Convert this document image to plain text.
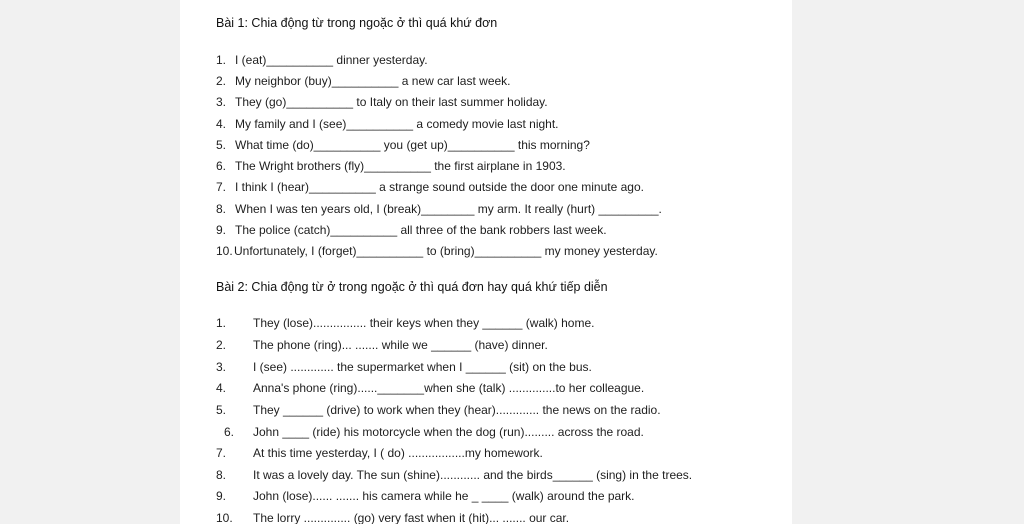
Bài 1: Chia động từ trong ngoặc ở thì quá khứ đơn
1. I (eat)__________ dinner yesterday.
2. My neighbor (buy)__________ a new car last week.
3. They (go)__________ to Italy on their last summer holiday.
4. My family and I (see)__________ a comedy movie last night.
5. What time (do)__________ you (get up)__________ this morning?
6. The Wright brothers (fly)__________ the first airplane in 1903.
7. I think I (hear)__________ a strange sound outside the door one minute ago.
8. When I was ten years old, I (break)________ my arm. It really (hurt) _________.
9. The police (catch)__________ all three of the bank robbers last week.
10. Unfortunately, I (forget)__________ to (bring)__________ my money yesterday.
Bài 2: Chia động từ ở trong ngoặc ở thì quá đơn hay quá khứ tiếp diễn
1. They (lose)................ their keys when they ______ (walk) home.
2. The phone (ring)... ....... while we ______ (have) dinner.
3. I (see) ............. the supermarket when I ______ (sit) on the bus.
4. Anna's phone (ring)......_______when she (talk) ..............to her colleague.
5. They ______ (drive) to work when they (hear)............. the news on the radio.
6. John ____ (ride) his motorcycle when the dog (run)......... across the road.
7. At this time yesterday, I ( do) .................my homework.
8. It was a lovely day. The sun (shine)............ and the birds______ (sing) in the trees.
9. John (lose)...... ....... his camera while he _ ____ (walk) around the park.
10. The lorry .............. (go) very fast when it (hit)... ....... our car.
